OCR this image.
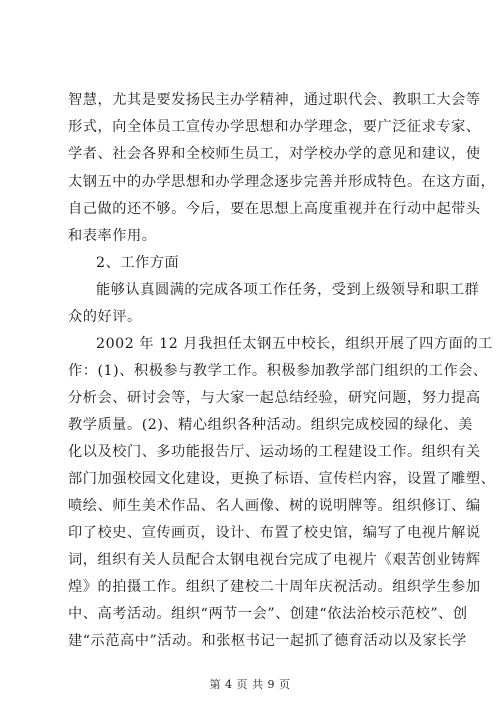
智慧，尤其是要发扬民主办学精神，通过职代会、教职工大会等
形式，向全体员工宣传办学思想和办学理念，要广泛征求专家、
学者、社会各界和全校师生员工，对学校办学的意见和建议，使
太钢五中的办学思想和办学理念逐步完善并形成特色。在这方面，
自己做的还不够。今后，要在思想上高度重视并在行动中起带头
和表率作用。
2、工作方面
能够认真圆满的完成各项工作任务，受到上级领导和职工群
众的好评。
2002 年 12 月我担任太钢五中校长，组织开展了四方面的工
作：(1)、积极参与教学工作。积极参加教学部门组织的工作会、
分析会、研讨会等，与大家一起总结经验，研究问题，努力提高
教学质量。(2)、精心组织各种活动。组织完成校园的绿化、美
化以及校门、多功能报告厅、运动场的工程建设工作。组织有关
部门加强校园文化建设，更换了标语、宣传栏内容，设置了雕塑、
喷绘、师生美术作品、名人画像、树的说明牌等。组织修订、编
印了校史、宣传画页，设计、布置了校史馆，编写了电视片解说
词，组织有关人员配合太钢电视台完成了电视片《艰苦创业铸辉
煌》的拍摄工作。组织了建校二十周年庆祝活动。组织学生参加
中、高考活动。组织“两节一会”、创建“依法治校示范校”、创
建“示范高中”活动。和张枢书记一起抓了德育活动以及家长学
第 4 页 共 9 页
